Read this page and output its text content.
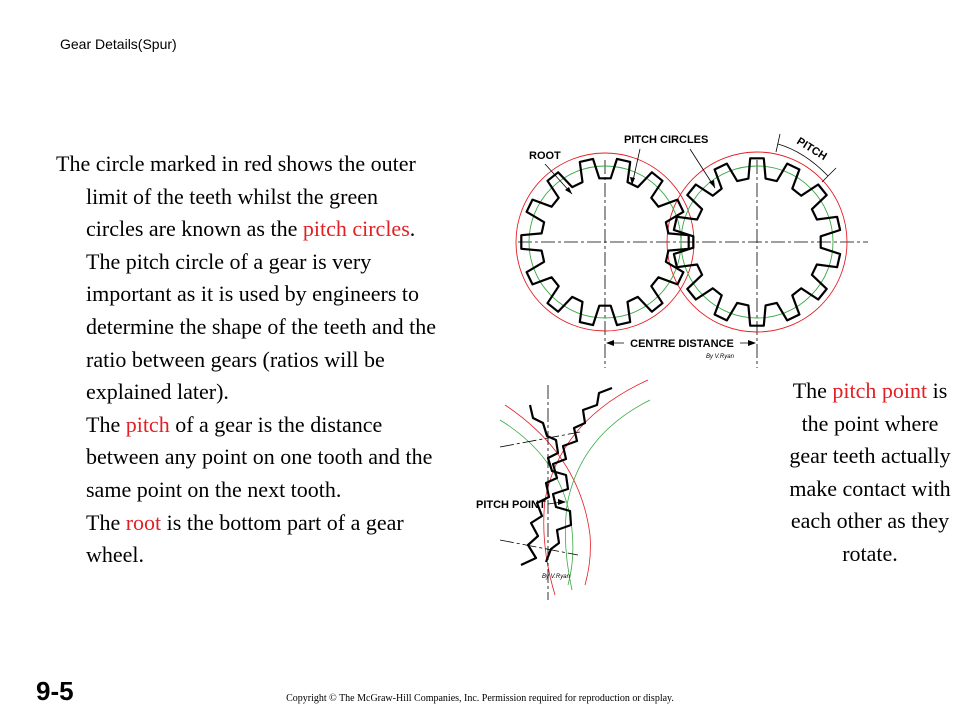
Gear Details(Spur)

The circle marked in red shows the outer limit of the teeth whilst the green circles are known as the pitch circles. The pitch circle of a gear is very important as it is used by engineers to determine the shape of the teeth and the ratio between gears (ratios will be explained later).

The pitch of a gear is the distance between any point on one tooth and the same point on the next tooth.

The root is the bottom part of a gear wheel.

The pitch point is the point where gear teeth actually make contact with each other as they rotate.
ROOT
PITCH CIRCLES	PITCH
CENTRE DISTANCE
By V.Ryan
PITCH POINT
By V.Ryan
9-5	Copyright © The McGraw-Hill Companies, Inc. Permission required for reproduction or display.
